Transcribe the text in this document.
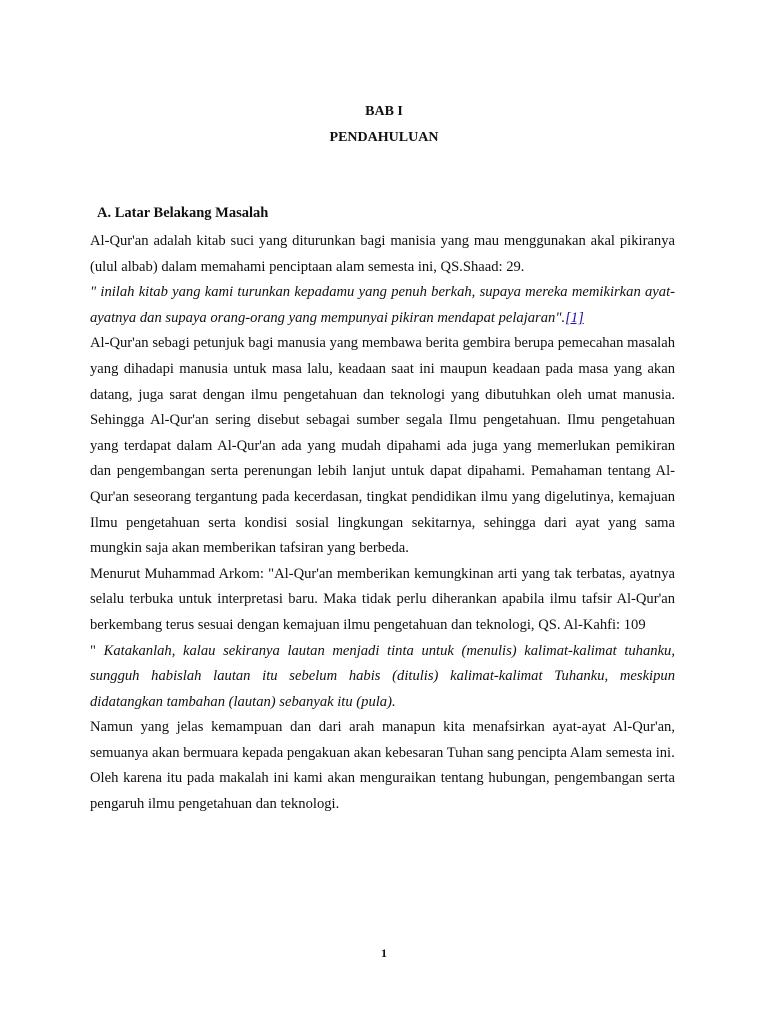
BAB I
PENDAHULUAN
A. Latar Belakang Masalah

Al-Qur'an adalah kitab suci yang diturunkan bagi manisia yang mau menggunakan akal pikiranya (ulul albab) dalam memahami penciptaan alam semesta ini, QS.Shaad: 29.

" inilah kitab yang kami turunkan kepadamu yang penuh berkah, supaya mereka memikirkan ayat-ayatnya dan supaya orang-orang yang mempunyai pikiran mendapat pelajaran".[1]

Al-Qur'an sebagi petunjuk bagi manusia yang membawa berita gembira berupa pemecahan masalah yang dihadapi manusia untuk masa lalu, keadaan saat ini maupun keadaan pada masa yang akan datang, juga sarat dengan ilmu pengetahuan dan teknologi yang dibutuhkan oleh umat manusia. Sehingga Al-Qur'an sering disebut sebagai sumber segala Ilmu pengetahuan. Ilmu pengetahuan yang terdapat dalam Al-Qur'an ada yang mudah dipahami ada juga yang memerlukan pemikiran dan pengembangan serta perenungan lebih lanjut untuk dapat dipahami. Pemahaman tentang Al-Qur'an seseorang tergantung pada kecerdasan, tingkat pendidikan ilmu yang digelutinya, kemajuan Ilmu pengetahuan serta kondisi sosial lingkungan sekitarnya, sehingga dari ayat yang sama mungkin saja akan memberikan tafsiran yang berbeda.

Menurut Muhammad Arkom: "Al-Qur'an memberikan kemungkinan arti yang tak terbatas, ayatnya selalu terbuka untuk interpretasi baru. Maka tidak perlu diherankan apabila ilmu tafsir Al-Qur'an berkembang terus sesuai dengan kemajuan ilmu pengetahuan dan teknologi, QS. Al-Kahfi: 109

" Katakanlah, kalau sekiranya lautan menjadi tinta untuk (menulis) kalimat-kalimat tuhanku, sungguh habislah lautan itu sebelum habis (ditulis) kalimat-kalimat Tuhanku, meskipun didatangkan tambahan (lautan) sebanyak itu (pula).

Namun yang jelas kemampuan dan dari arah manapun kita menafsirkan ayat-ayat Al-Qur'an, semuanya akan bermuara kepada pengakuan akan kebesaran Tuhan sang pencipta Alam semesta ini.

Oleh karena itu pada makalah ini kami akan menguraikan tentang hubungan, pengembangan serta pengaruh ilmu pengetahuan dan teknologi.

1
